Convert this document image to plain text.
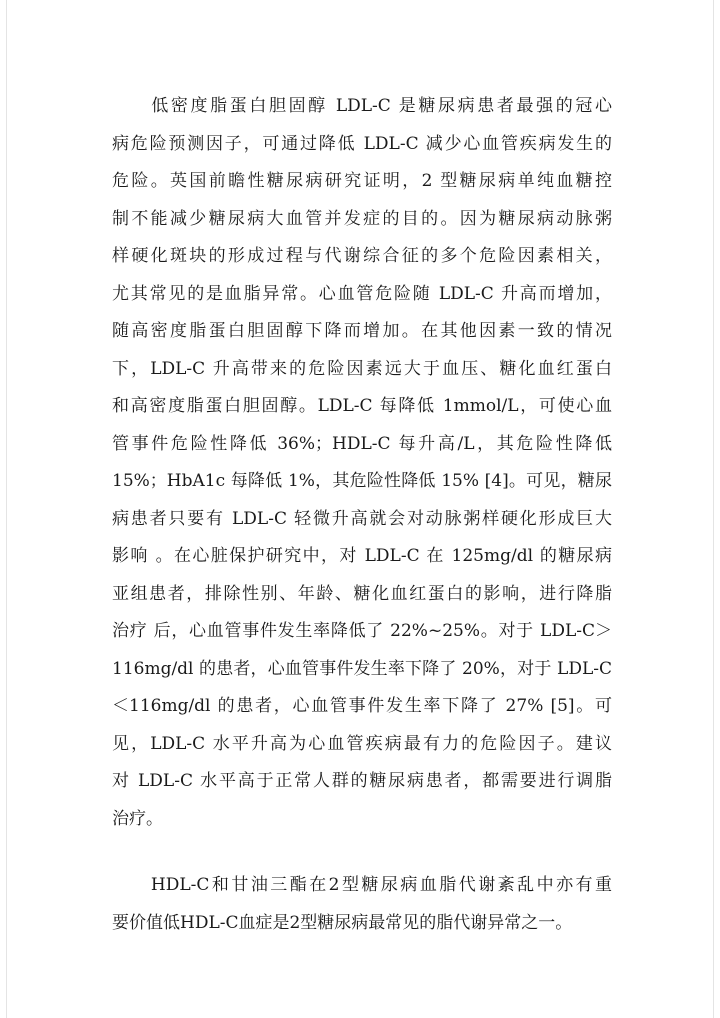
　　低密度脂蛋白胆固醇 LDL-C 是糖尿病患者最强的冠心
病危险预测因子，可通过降低 LDL-C 减少心血管疾病发生的
危险。英国前瞻性糖尿病研究证明，2 型糖尿病单纯血糖控
制不能减少糖尿病大血管并发症的目的。因为糖尿病动脉粥
样硬化斑块的形成过程与代谢综合征的多个危险因素相关，
尤其常见的是血脂异常。心血管危险随 LDL-C 升高而增加，
随高密度脂蛋白胆固醇下降而增加。在其他因素一致的情况
下，LDL-C 升高带来的危险因素远大于血压、糖化血红蛋白
和高密度脂蛋白胆固醇。LDL-C 每降低 1mmol/L，可使心血
管事件危险性降低 36%；HDL-C 每升高/L，其危险性降低
15%；HbA1c 每降低 1%，其危险性降低 15% [4]。可见，糖尿
病患者只要有 LDL-C 轻微升高就会对动脉粥样硬化形成巨大
影响 。在心脏保护研究中，对 LDL-C 在 125mg/dl 的糖尿病
亚组患者，排除性别、年龄、糖化血红蛋白的影响，进行降脂
治疗 后，心血管事件发生率降低了 22%~25%。对于 LDL-C＞
116mg/dl 的患者，心血管事件发生率下降了 20%，对于 LDL-C
＜116mg/dl 的患者，心血管事件发生率下降了 27% [5]。可
见，LDL-C 水平升高为心血管疾病最有力的危险因子。建议
对 LDL-C 水平高于正常人群的糖尿病患者，都需要进行调脂
治疗。
　　HDL-C和甘油三酯在2型糖尿病血脂代谢紊乱中亦有重
要价值低HDL-C血症是2型糖尿病最常见的脂代谢异常之一。
